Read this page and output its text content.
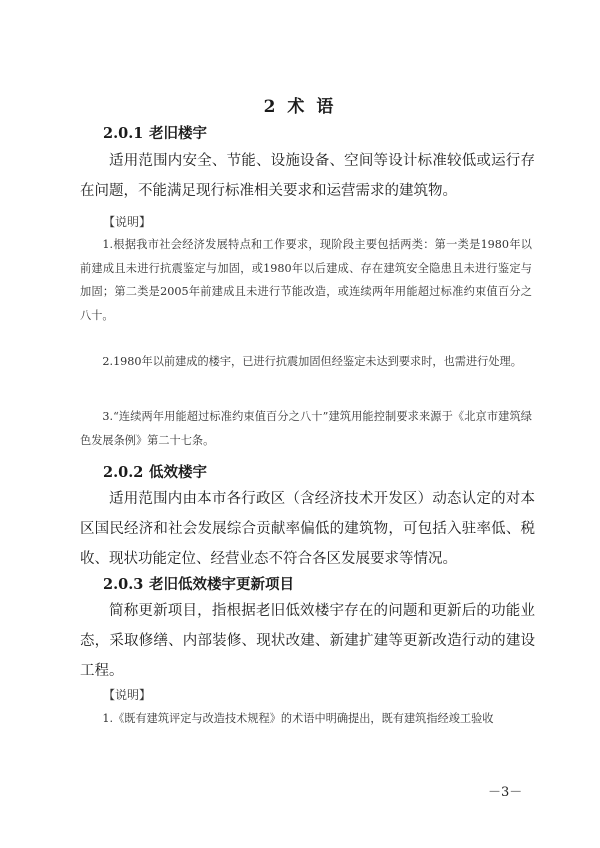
2 术 语
2.0.1 老旧楼宇
适用范围内安全、节能、设施设备、空间等设计标准较低或运行存在问题，不能满足现行标准相关要求和运营需求的建筑物。
【说明】
1.根据我市社会经济发展特点和工作要求，现阶段主要包括两类：第一类是1980年以前建成且未进行抗震鉴定与加固，或1980年以后建成、存在建筑安全隐患且未进行鉴定与加固；第二类是2005年前建成且未进行节能改造，或连续两年用能超过标准约束值百分之八十。
2.1980年以前建成的楼宇，已进行抗震加固但经鉴定未达到要求时，也需进行处理。
3.“连续两年用能超过标准约束值百分之八十”建筑用能控制要求来源于《北京市建筑绿色发展条例》第二十七条。
2.0.2 低效楼宇
适用范围内由本市各行政区（含经济技术开发区）动态认定的对本区国民经济和社会发展综合贡献率偏低的建筑物，可包括入驻率低、税收、现状功能定位、经营业态不符合各区发展要求等情况。
2.0.3 老旧低效楼宇更新项目
简称更新项目，指根据老旧低效楼宇存在的问题和更新后的功能业态，采取修缮、内部装修、现状改建、新建扩建等更新改造行动的建设工程。
【说明】
1.《既有建筑评定与改造技术规程》的术语中明确提出，既有建筑指经竣工验收
－3－
